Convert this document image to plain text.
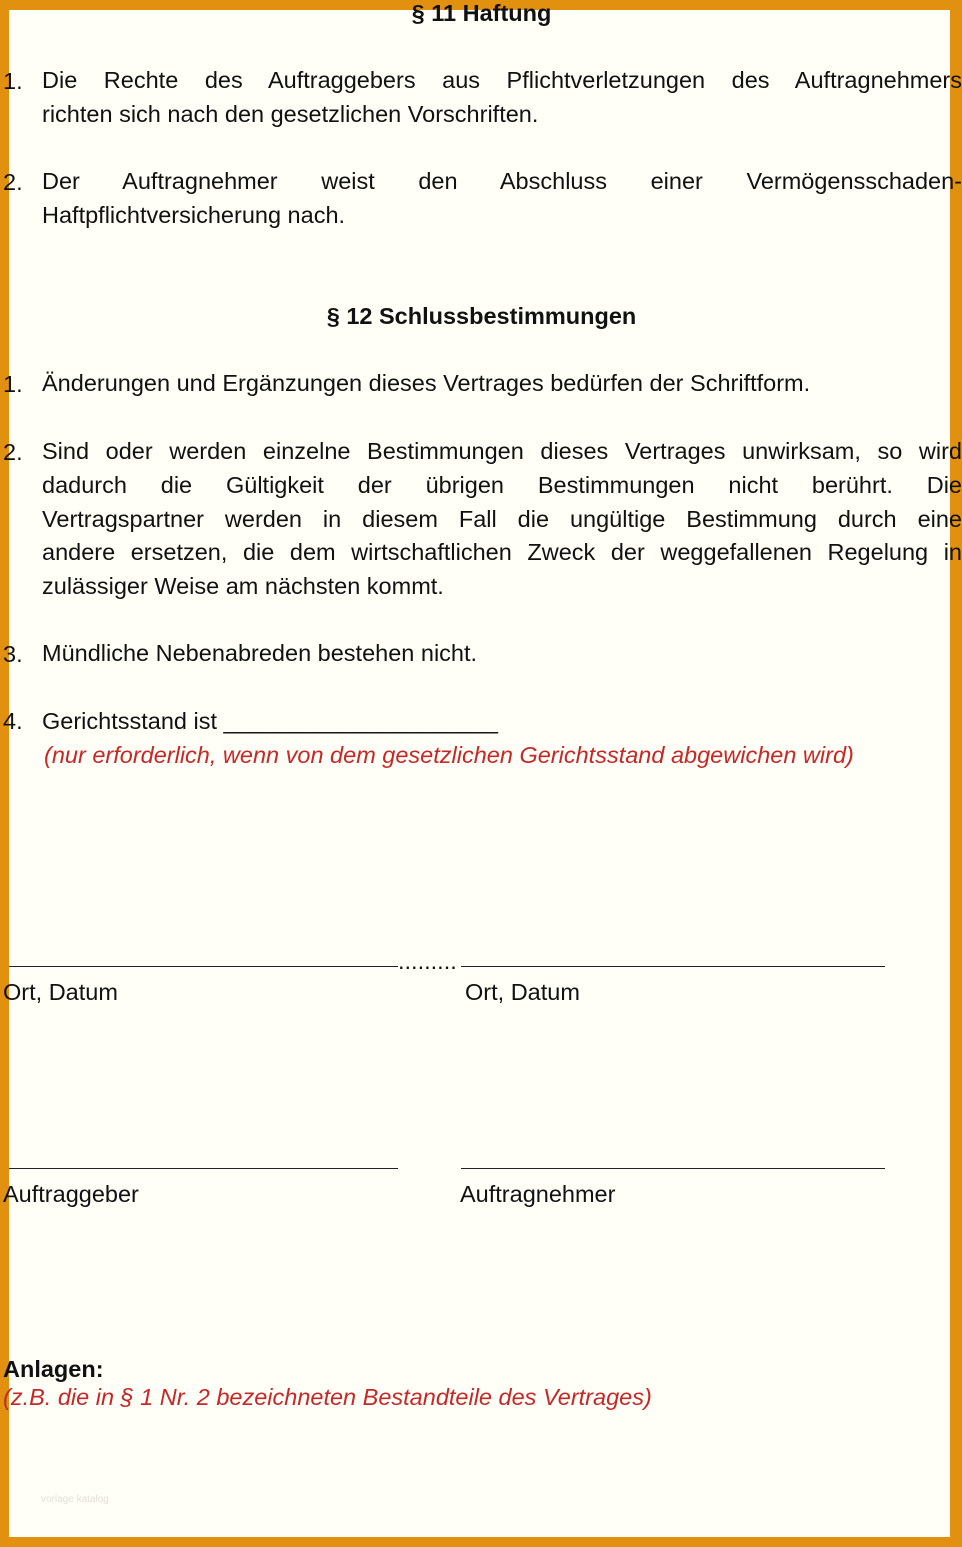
§ 11 Haftung
1. Die Rechte des Auftraggebers aus Pflichtverletzungen des Auftragnehmers
richten sich nach den gesetzlichen Vorschriften.
2. Der Auftragnehmer weist den Abschluss einer Vermögensschaden-
Haftpflichtversicherung nach.
§ 12 Schlussbestimmungen
1. Änderungen und Ergänzungen dieses Vertrages bedürfen der Schriftform.
2. Sind oder werden einzelne Bestimmungen dieses Vertrages unwirksam, so wird
dadurch die Gültigkeit der übrigen Bestimmungen nicht berührt. Die
Vertragspartner werden in diesem Fall die ungültige Bestimmung durch eine
andere ersetzen, die dem wirtschaftlichen Zweck der weggefallenen Regelung in
zulässiger Weise am nächsten kommt.
3. Mündliche Nebenabreden bestehen nicht.
4. Gerichtsstand ist _____________________
(nur erforderlich, wenn von dem gesetzlichen Gerichtsstand abgewichen wird)
.........
Ort, Datum	Ort, Datum
Auftraggeber	Auftragnehmer
Anlagen:
(z.B. die in § 1 Nr. 2 bezeichneten Bestandteile des Vertrages)
vorlage katalog
